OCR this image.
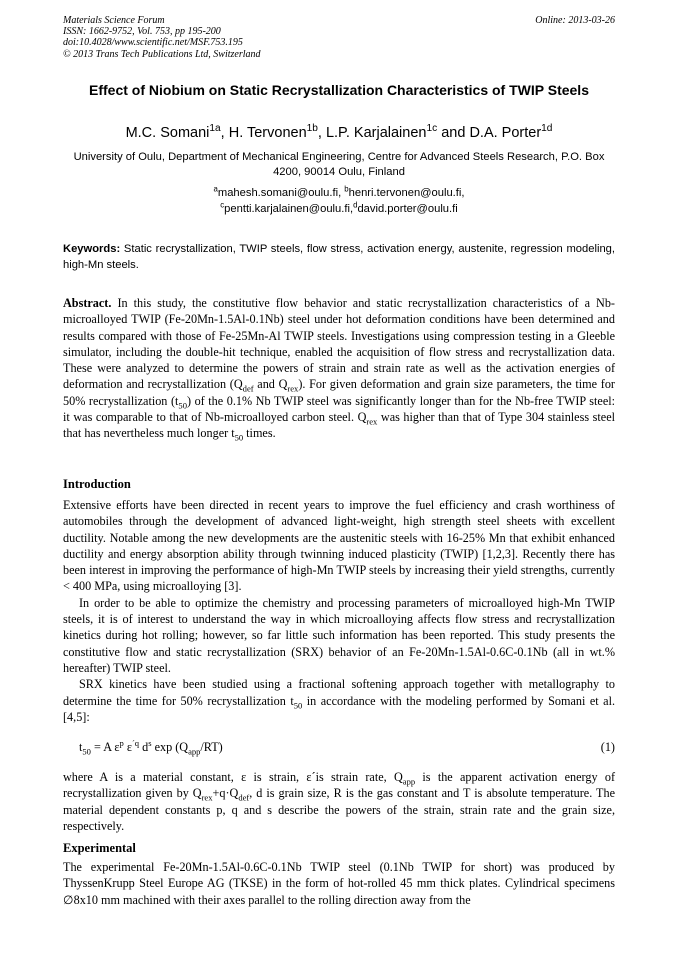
Materials Science Forum
ISSN: 1662-9752, Vol. 753, pp 195-200
doi:10.4028/www.scientific.net/MSF.753.195
© 2013 Trans Tech Publications Ltd, Switzerland
Online: 2013-03-26
Effect of Niobium on Static Recrystallization Characteristics of TWIP Steels
M.C. Somani$^{1a}$, H. Tervonen$^{1b}$, L.P. Karjalainen$^{1c}$ and D.A. Porter$^{1d}$
University of Oulu, Department of Mechanical Engineering, Centre for Advanced Steels Research, P.O. Box 4200, 90014 Oulu, Finland
$^a$mahesh.somani@oulu.fi, $^b$henri.tervonen@oulu.fi,
$^c$pentti.karjalainen@oulu.fi,$^d$david.porter@oulu.fi
Keywords: Static recrystallization, TWIP steels, flow stress, activation energy, austenite, regression modeling, high-Mn steels.
Abstract. In this study, the constitutive flow behavior and static recrystallization characteristics of a Nb-microalloyed TWIP (Fe-20Mn-1.5Al-0.1Nb) steel under hot deformation conditions have been determined and results compared with those of Fe-25Mn-Al TWIP steels. Investigations using compression testing in a Gleeble simulator, including the double-hit technique, enabled the acquisition of flow stress and recrystallization data. These were analyzed to determine the powers of strain and strain rate as well as the activation energies of deformation and recrystallization ($Q_{def}$ and $Q_{rex}$). For given deformation and grain size parameters, the time for 50% recrystallization $(t_{50})$ of the 0.1% Nb TWIP steel was significantly longer than for the Nb-free TWIP steel: it was comparable to that of Nb-microalloyed carbon steel. $Q_{rex}$ was higher than that of Type 304 stainless steel that has nevertheless much longer $t_{50}$ times.
Introduction

Extensive efforts have been directed in recent years to improve the fuel efficiency and crash worthiness of automobiles through the development of advanced light-weight, high strength steel sheets with excellent ductility. Notable among the new developments are the austenitic steels with 16-25% Mn that exhibit enhanced ductility and energy absorption ability through twinning induced plasticity (TWIP) [1,2,3]. Recently there has been interest in improving the performance of high-Mn TWIP steels by increasing their yield strengths, currently < 400 MPa, using microalloying [3].

In order to be able to optimize the chemistry and processing parameters of microalloyed high-Mn TWIP steels, it is of interest to understand the way in which microalloying affects flow stress and recrystallization kinetics during hot rolling; however, so far little such information has been reported. This study presents the constitutive flow and static recrystallization (SRX) behavior of an Fe-20Mn-1.5Al-0.6C-0.1Nb (all in wt.% hereafter) TWIP steel.

SRX kinetics have been studied using a fractional softening approach together with metallography to determine the time for 50% recrystallization $t_{50}$ in accordance with the modeling performed by Somani et al. [4,5]:

$t_{50} = A$ $\varepsilon^p$ $\varepsilon^{´q}$ $d^s$ $\exp (Q_{app}/RT)$	(1)
where A is a material constant, ε is strain, ε´is strain rate, $Q_{app}$ is the apparent activation energy of recrystallization given by $Q_{rex}+q\cdot Q_{def}$, d is grain size, R is the gas constant and T is absolute temperature. The material dependent constants p, q and s describe the powers of the strain, strain rate and the grain size, respectively.
Experimental

The experimental Fe-20Mn-1.5Al-0.6C-0.1Nb TWIP steel (0.1Nb TWIP for short) was produced by ThyssenKrupp Steel Europe AG (TKSE) in the form of hot-rolled 45 mm thick plates. Cylindrical specimens ∅8x10 mm machined with their axes parallel to the rolling direction away from the
